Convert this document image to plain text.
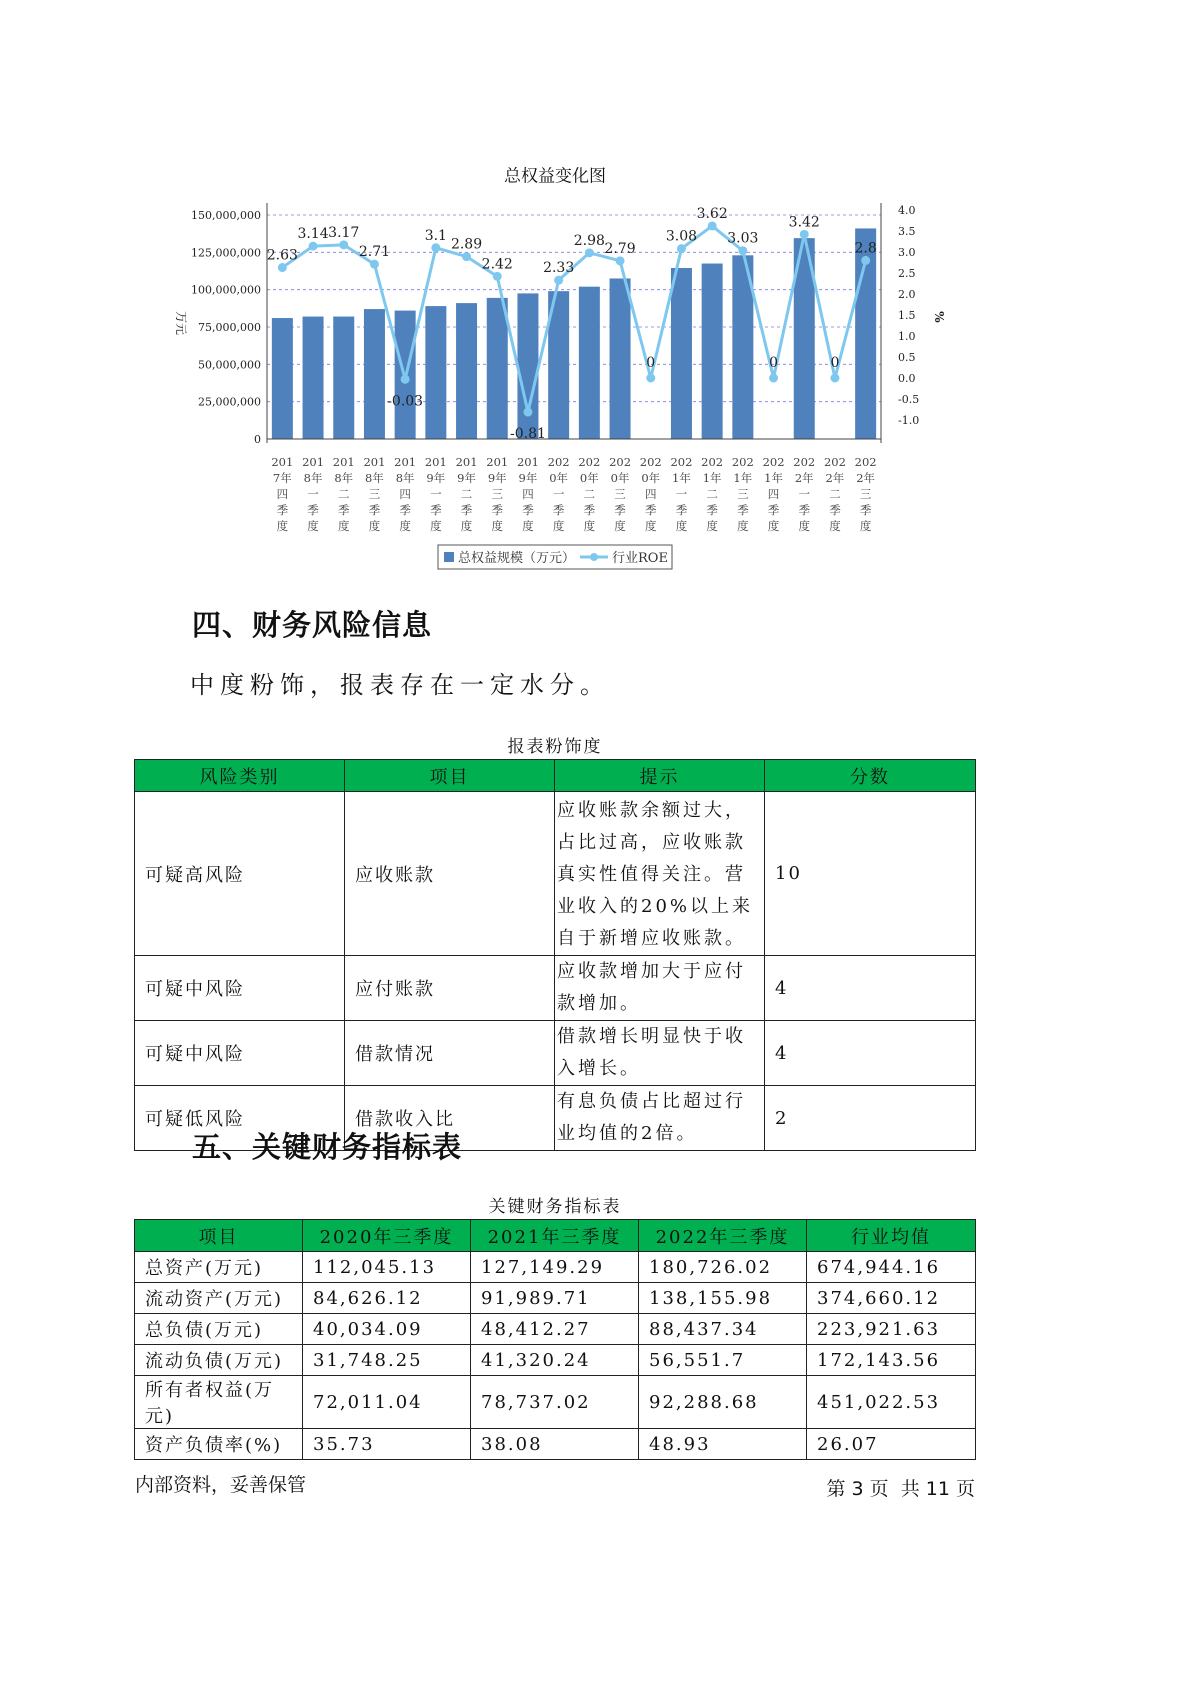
总权益变化图
2.63
3.14 3.17
2.71
-0.03
3.1
2.89
2.42
-0.81
2.33
2.98 2.79
0
3.08
3.62
3.03
0
3.42
0
2.8
150,000,000
125,000,000
100,000,000
75,000,000
50,000,000
25,000,000
0
4.0
3.5
3.0
2.5
2.0
1.5
1.0
0.5
0.0
-0.5
-1.0
万元	%
201
7年
四
季
度
201
8年
一
季
度
201
8年
二
季
度
201
8年
三
季
度
201
8年
四
季
度
201
9年
一
季
度
201
9年
二
季
度
201
9年
三
季
度
201
9年
四
季
度
202
0年
一
季
度
202
0年
二
季
度
202
0年
三
季
度
202
0年
四
季
度
202
1年
一
季
度
202
1年
二
季
度
202
1年
三
季
度
202
1年
四
季
度
202
2年
一
季
度
202
2年
二
季
度
202
2年
三
季
度
总权益规模（万元）	行业ROE
四、财务风险信息

中度粉饰，报表存在一定水分。

报表粉饰度
风险类别	项目	提示	分数
可疑高风险	应收账款	应收账款余额过大，占比过高，应收账款真实性值得关注。营业收入的20%以上来自于新增应收账款。	10
可疑中风险	应付账款	应收款增加大于应付款增加。	4
可疑中风险	借款情况	借款增长明显快于收入增长。	4
可疑低风险	借款收入比	有息负债占比超过行业均值的2倍。	2
五、关键财务指标表
关键财务指标表
项目	2020年三季度	2021年三季度	2022年三季度	行业均值
总资产(万元)	112,045.13	127,149.29	180,726.02	674,944.16
流动资产(万元)	84,626.12	91,989.71	138,155.98	374,660.12
总负债(万元)	40,034.09	48,412.27	88,437.34	223,921.63
流动负债(万元)	31,748.25	41,320.24	56,551.7	172,143.56
所有者权益(万元)	72,011.04	78,737.02	92,288.68	451,022.53
资产负债率(%)	35.73	38.08	48.93	26.07
内部资料，妥善保管	第 3 页  共 11 页
